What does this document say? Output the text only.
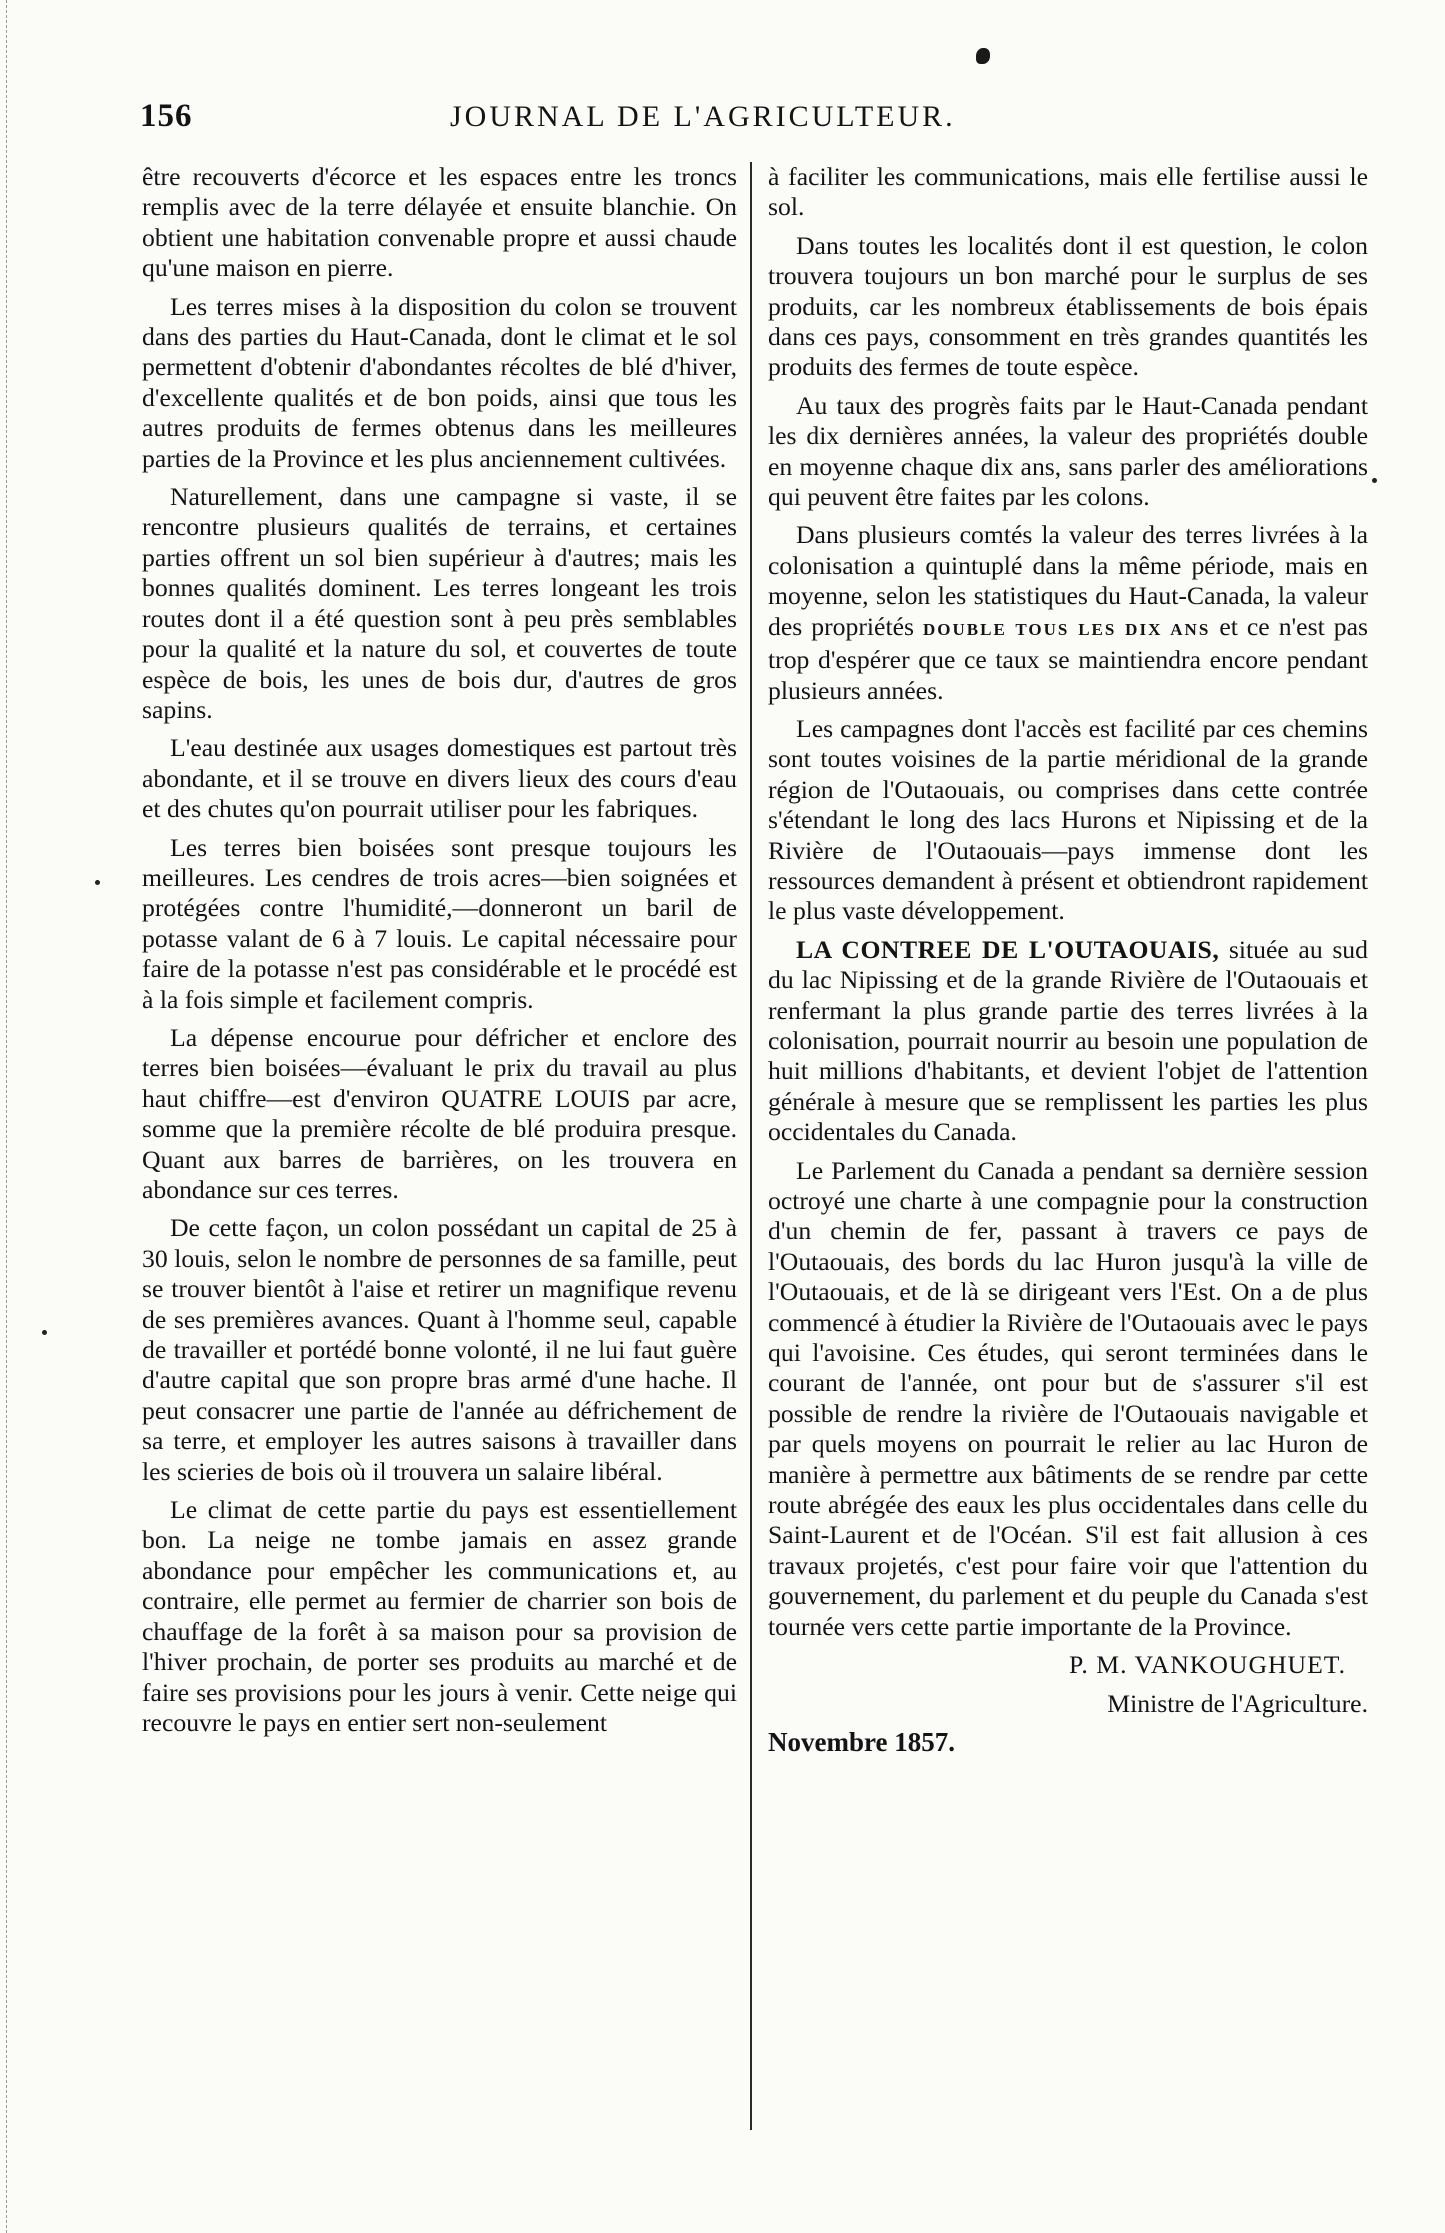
156	JOURNAL DE L'AGRICULTEUR.

être recouverts d'écorce et les espaces entre les troncs remplis avec de la terre délayée et ensuite blanchie. On obtient une habitation convenable propre et aussi chaude qu'une maison en pierre.

Les terres mises à la disposition du colon se trouvent dans des parties du Haut-Canada, dont le climat et le sol permettent d'obtenir d'abondantes récoltes de blé d'hiver, d'excellente qualités et de bon poids, ainsi que tous les autres produits de fermes obtenus dans les meilleures parties de la Province et les plus anciennement cultivées.

Naturellement, dans une campagne si vaste, il se rencontre plusieurs qualités de terrains, et certaines parties offrent un sol bien supérieur à d'autres; mais les bonnes qualités dominent. Les terres longeant les trois routes dont il a été question sont à peu près semblables pour la qualité et la nature du sol, et couvertes de toute espèce de bois, les unes de bois dur, d'autres de gros sapins.

L'eau destinée aux usages domestiques est partout très abondante, et il se trouve en divers lieux des cours d'eau et des chutes qu'on pourrait utiliser pour les fabriques.

Les terres bien boisées sont presque toujours les meilleures. Les cendres de trois acres—bien soignées et protégées contre l'humidité,—donneront un baril de potasse valant de 6 à 7 louis. Le capital nécessaire pour faire de la potasse n'est pas considérable et le procédé est à la fois simple et facilement compris.

La dépense encourue pour défricher et enclore des terres bien boisées—évaluant le prix du travail au plus haut chiffre—est d'environ QUATRE LOUIS par acre, somme que la première récolte de blé produira presque. Quant aux barres de barrières, on les trouvera en abondance sur ces terres.

De cette façon, un colon possédant un capital de 25 à 30 louis, selon le nombre de personnes de sa famille, peut se trouver bientôt à l'aise et retirer un magnifique revenu de ses premières avances. Quant à l'homme seul, capable de travailler et portédé bonne volonté, il ne lui faut guère d'autre capital que son propre bras armé d'une hache. Il peut consacrer une partie de l'année au défrichement de sa terre, et employer les autres saisons à travailler dans les scieries de bois où il trouvera un salaire libéral.

Le climat de cette partie du pays est essentiellement bon. La neige ne tombe jamais en assez grande abondance pour empêcher les communications et, au contraire, elle permet au fermier de charrier son bois de chauffage de la forêt à sa maison pour sa provision de l'hiver prochain, de porter ses produits au marché et de faire ses provisions pour les jours à venir. Cette neige qui recouvre le pays en entier sert non-seulement

à faciliter les communications, mais elle fertilise aussi le sol.

Dans toutes les localités dont il est question, le colon trouvera toujours un bon marché pour le surplus de ses produits, car les nombreux établissements de bois épais dans ces pays, consomment en très grandes quantités les produits des fermes de toute espèce.

Au taux des progrès faits par le Haut-Canada pendant les dix dernières années, la valeur des propriétés double en moyenne chaque dix ans, sans parler des améliorations qui peuvent être faites par les colons.

Dans plusieurs comtés la valeur des terres livrées à la colonisation a quintuplé dans la même période, mais en moyenne, selon les statistiques du Haut-Canada, la valeur des propriétés DOUBLE TOUS LES DIX ANS et ce n'est pas trop d'espérer que ce taux se maintiendra encore pendant plusieurs années.

Les campagnes dont l'accès est facilité par ces chemins sont toutes voisines de la partie méridional de la grande région de l'Outaouais, ou comprises dans cette contrée s'étendant le long des lacs Hurons et Nipissing et de la Rivière de l'Outaouais—pays immense dont les ressources demandent à présent et obtiendront rapidement le plus vaste développement.

LA CONTREE DE L'OUTAOUAIS, située au sud du lac Nipissing et de la grande Rivière de l'Outaouais et renfermant la plus grande partie des terres livrées à la colonisation, pourrait nourrir au besoin une population de huit millions d'habitants, et devient l'objet de l'attention générale à mesure que se remplissent les parties les plus occidentales du Canada.

Le Parlement du Canada a pendant sa dernière session octroyé une charte à une compagnie pour la construction d'un chemin de fer, passant à travers ce pays de l'Outaouais, des bords du lac Huron jusqu'à la ville de l'Outaouais, et de là se dirigeant vers l'Est. On a de plus commencé à étudier la Rivière de l'Outaouais avec le pays qui l'avoisine. Ces études, qui seront terminées dans le courant de l'année, ont pour but de s'assurer s'il est possible de rendre la rivière de l'Outaouais navigable et par quels moyens on pourrait le relier au lac Huron de manière à permettre aux bâtiments de se rendre par cette route abrégée des eaux les plus occidentales dans celle du Saint-Laurent et de l'Océan. S'il est fait allusion à ces travaux projetés, c'est pour faire voir que l'attention du gouvernement, du parlement et du peuple du Canada s'est tournée vers cette partie importante de la Province.

P. M. VANKOUGHUET.

Ministre de l'Agriculture.

Novembre 1857.
